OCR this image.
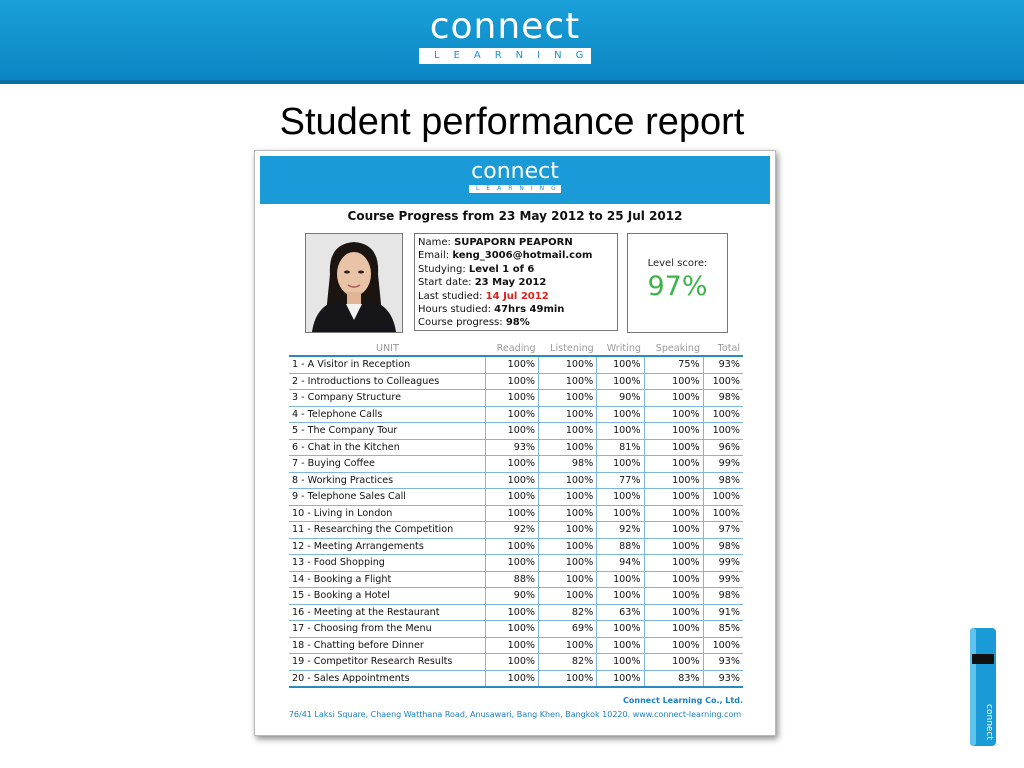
connect
LEARNING
Student performance report
connect
LEARNING
Course Progress from 23 May 2012 to 25 Jul 2012
Name: SUPAPORN PEAPORN
Email: keng_3006@hotmail.com
Studying: Level 1 of 6
Start date: 23 May 2012
Last studied: 14 Jul 2012
Hours studied: 47hrs 49min
Course progress: 98%
Level score:
97%
UNIT	Reading	Listening	Writing	Speaking	Total
1 - A Visitor in Reception	100%	100%	100%	75%	93%
2 - Introductions to Colleagues	100%	100%	100%	100%	100%
3 - Company Structure	100%	100%	90%	100%	98%
4 - Telephone Calls	100%	100%	100%	100%	100%
5 - The Company Tour	100%	100%	100%	100%	100%
6 - Chat in the Kitchen	93%	100%	81%	100%	96%
7 - Buying Coffee	100%	98%	100%	100%	99%
8 - Working Practices	100%	100%	77%	100%	98%
9 - Telephone Sales Call	100%	100%	100%	100%	100%
10 - Living in London	100%	100%	100%	100%	100%
11 - Researching the Competition	92%	100%	92%	100%	97%
12 - Meeting Arrangements	100%	100%	88%	100%	98%
13 - Food Shopping	100%	100%	94%	100%	99%
14 - Booking a Flight	88%	100%	100%	100%	99%
15 - Booking a Hotel	90%	100%	100%	100%	98%
16 - Meeting at the Restaurant	100%	82%	63%	100%	91%
17 - Choosing from the Menu	100%	69%	100%	100%	85%
18 - Chatting before Dinner	100%	100%	100%	100%	100%
19 - Competitor Research Results	100%	82%	100%	100%	93%
20 - Sales Appointments	100%	100%	100%	83%	93%
Connect Learning Co., Ltd.
76/41 Laksi Square, Chaeng Watthana Road, Anusawari, Bang Khen, Bangkok 10220. www.connect-learning.com	connect
